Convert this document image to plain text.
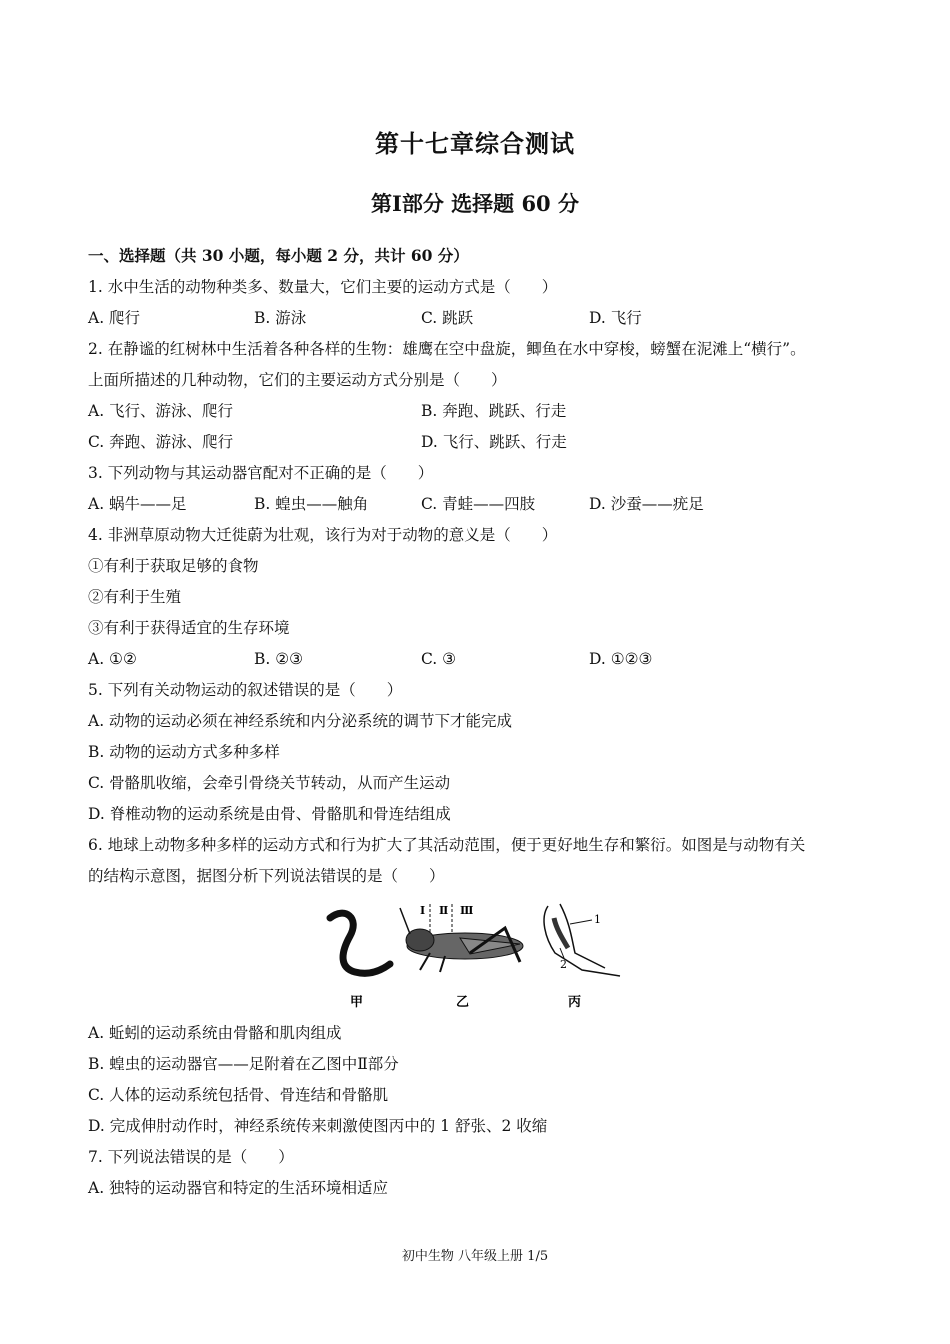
第十七章综合测试
第Ⅰ部分 选择题 60 分
一、选择题（共 30 小题，每小题 2 分，共计 60 分）
1. 水中生活的动物种类多、数量大，它们主要的运动方式是（　　）
A. 爬行	B. 游泳	C. 跳跃	D. 飞行
2. 在静谧的红树林中生活着各种各样的生物：雄鹰在空中盘旋，鲫鱼在水中穿梭，螃蟹在泥滩上“横行”。
上面所描述的几种动物，它们的主要运动方式分别是（　　）
A. 飞行、游泳、爬行	B. 奔跑、跳跃、行走
C. 奔跑、游泳、爬行	D. 飞行、跳跃、行走
3. 下列动物与其运动器官配对不正确的是（　　）
A. 蜗牛——足	B. 蝗虫——触角	C. 青蛙——四肢	D. 沙蚕——疣足
4. 非洲草原动物大迁徙蔚为壮观，该行为对于动物的意义是（　　）
①有利于获取足够的食物
②有利于生殖
③有利于获得适宜的生存环境
A. ①②	B. ②③	C. ③	D. ①②③
5. 下列有关动物运动的叙述错误的是（　　）
A. 动物的运动必须在神经系统和内分泌系统的调节下才能完成
B. 动物的运动方式多种多样
C. 骨骼肌收缩，会牵引骨绕关节转动，从而产生运动
D. 脊椎动物的运动系统是由骨、骨骼肌和骨连结组成
6. 地球上动物多种多样的运动方式和行为扩大了其活动范围，便于更好地生存和繁衍。如图是与动物有关
的结构示意图，据图分析下列说法错误的是（　　）
Ⅰ Ⅱ Ⅲ
1
2
甲	乙	丙
A. 蚯蚓的运动系统由骨骼和肌肉组成
B. 蝗虫的运动器官——足附着在乙图中Ⅱ部分
C. 人体的运动系统包括骨、骨连结和骨骼肌
D. 完成伸肘动作时，神经系统传来刺激使图丙中的 1 舒张、2 收缩
7. 下列说法错误的是（　　）
A. 独特的运动器官和特定的生活环境相适应
初中生物 八年级上册 1/5
